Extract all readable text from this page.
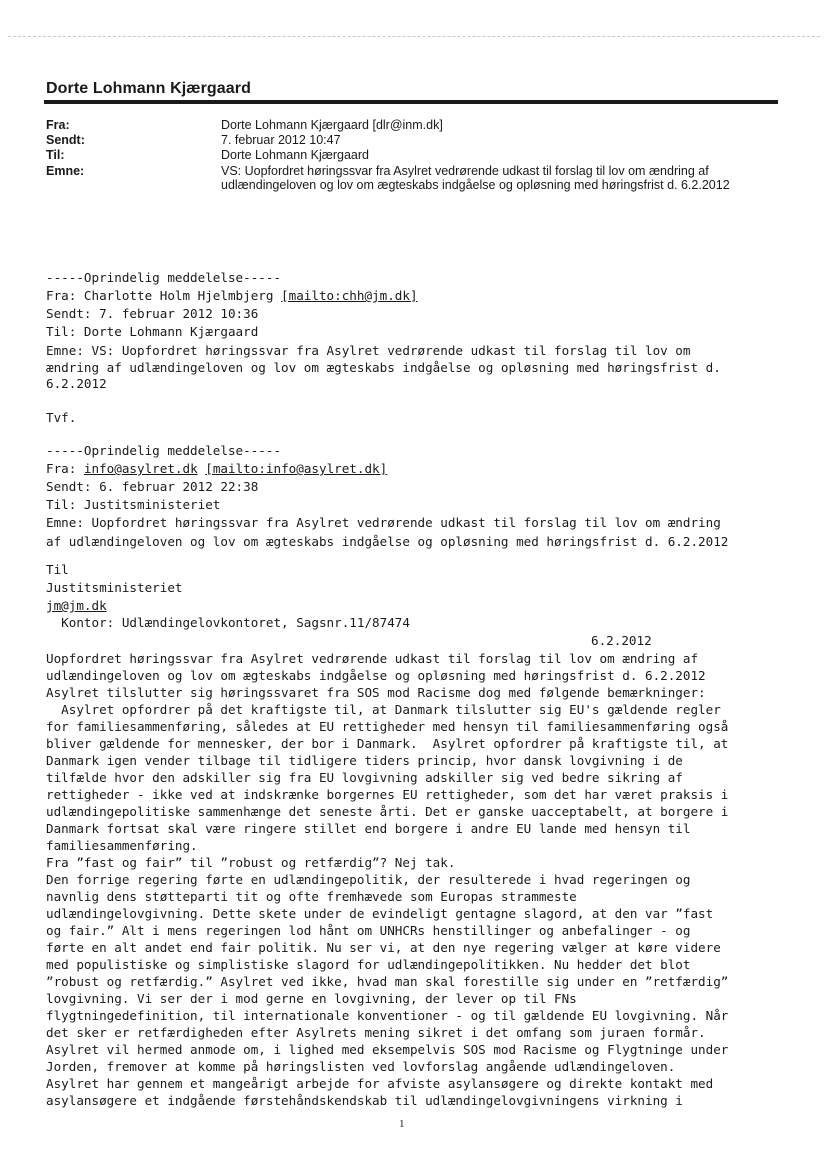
Dorte Lohmann Kjærgaard
Fra:	Dorte Lohmann Kjærgaard [dlr@inm.dk]
Sendt:	7. februar 2012 10:47
Til:	Dorte Lohmann Kjærgaard
Emne:	VS: Uopfordret høringssvar fra Asylret vedrørende udkast til forslag til lov om ændring af udlændingeloven og lov om ægteskabs indgåelse og opløsning med høringsfrist d. 6.2.2012
-----Oprindelig meddelelse-----
Fra: Charlotte Holm Hjelmbjerg [mailto:chh@jm.dk]
Sendt: 7. februar 2012 10:36
Til: Dorte Lohmann Kjærgaard
Emne: VS: Uopfordret høringssvar fra Asylret vedrørende udkast til forslag til lov om
ændring af udlændingeloven og lov om ægteskabs indgåelse og opløsning med høringsfrist d.
6.2.2012
Tvf.
-----Oprindelig meddelelse-----
Fra: info@asylret.dk [mailto:info@asylret.dk]
Sendt: 6. februar 2012 22:38
Til: Justitsministeriet
Emne: Uopfordret høringssvar fra Asylret vedrørende udkast til forslag til lov om ændring
af udlændingeloven og lov om ægteskabs indgåelse og opløsning med høringsfrist d. 6.2.2012
Til
Justitsministeriet
jm@jm.dk
Kontor: Udlændingelovkontoret, Sagsnr.11/87474
6.2.2012
Uopfordret høringssvar fra Asylret vedrørende udkast til forslag til lov om ændring af
udlændingeloven og lov om ægteskabs indgåelse og opløsning med høringsfrist d. 6.2.2012
Asylret tilslutter sig høringssvaret fra SOS mod Racisme dog med følgende bemærkninger:
Asylret opfordrer på det kraftigste til, at Danmark tilslutter sig EU's gældende regler
for familiesammenføring, således at EU rettigheder med hensyn til familiesammenføring også
bliver gældende for mennesker, der bor i Danmark.  Asylret opfordrer på kraftigste til, at
Danmark igen vender tilbage til tidligere tiders princip, hvor dansk lovgivning i de
tilfælde hvor den adskiller sig fra EU lovgivning adskiller sig ved bedre sikring af
rettigheder - ikke ved at indskrænke borgernes EU rettigheder, som det har været praksis i
udlændingepolitiske sammenhænge det seneste årti. Det er ganske uacceptabelt, at borgere i
Danmark fortsat skal være ringere stillet end borgere i andre EU lande med hensyn til
familiesammenføring.
Fra ”fast og fair” til ”robust og retfærdig”? Nej tak.
Den forrige regering førte en udlændingepolitik, der resulterede i hvad regeringen og
navnlig dens støtteparti tit og ofte fremhævede som Europas strammeste
udlændingelovgivning. Dette skete under de evindeligt gentagne slagord, at den var ”fast
og fair.” Alt i mens regeringen lod hånt om UNHCRs henstillinger og anbefalinger - og
førte en alt andet end fair politik. Nu ser vi, at den nye regering vælger at køre videre
med populistiske og simplistiske slagord for udlændingepolitikken. Nu hedder det blot
”robust og retfærdig.” Asylret ved ikke, hvad man skal forestille sig under en ”retfærdig”
lovgivning. Vi ser der i mod gerne en lovgivning, der lever op til FNs
flygtningedefinition, til internationale konventioner - og til gældende EU lovgivning. Når
det sker er retfærdigheden efter Asylrets mening sikret i det omfang som juraen formår.
Asylret vil hermed anmode om, i lighed med eksempelvis SOS mod Racisme og Flygtninge under
Jorden, fremover at komme på høringslisten ved lovforslag angående udlændingeloven.
Asylret har gennem et mangeårigt arbejde for afviste asylansøgere og direkte kontakt med
asylansøgere et indgående førstehåndskendskab til udlændingelovgivningens virkning i
1
